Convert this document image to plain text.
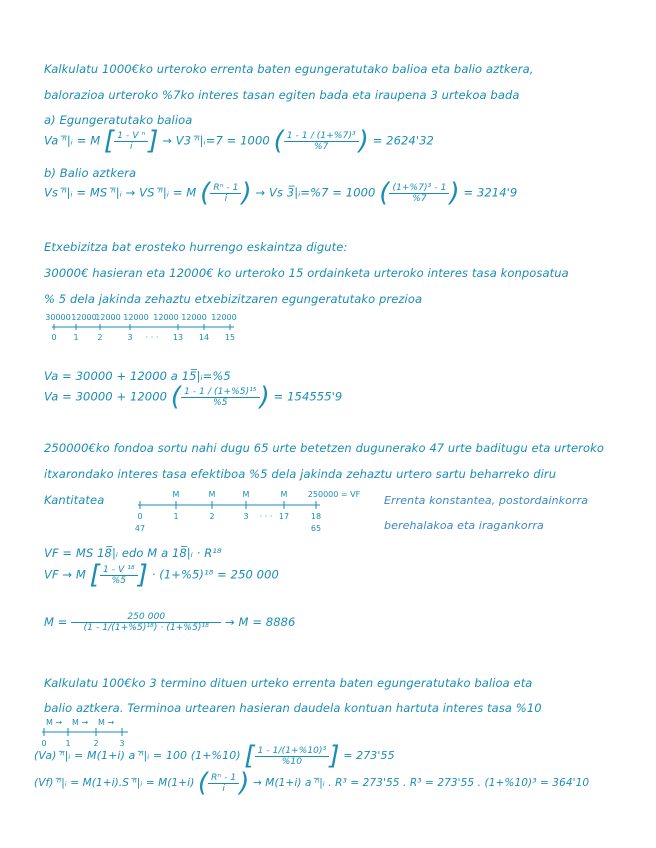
Kalkulatu 1000€ko urteroko errenta baten egungeratutako balioa eta balio aztkera,
balorazioa urteroko %7ko interes tasan egiten bada eta iraupena 3 urtekoa bada
a) Egungeratutako balioa
Va ⁿ̅|ᵢ = M [ $\frac{\text{1 - V ⁿ}}{i}$ ] → V3 ⁿ̅|ᵢ=7 = 1000 ( $\frac{\text{1 - 1 / (1+\%7)³}}{\%7}$ ) = 2624'32
b) Balio aztkera
Vs ⁿ̅|ᵢ = MS ⁿ̅|ᵢ → VS ⁿ̅|ᵢ = M ( $\frac{\text{Rⁿ - 1}}{i}$ ) → Vs 3̅|ᵢ=%7 = 1000 ( $\frac{\text{(1+\%7)³ - 1}}{\%7}$ ) = 3214'9
Etxebizitza bat erosteko hurrengo eskaintza digute:
30000€ hasieran eta 12000€ ko urteroko 15 ordainketa urteroko interes tasa konposatua
% 5 dela jakinda zehaztu etxebizitzaren egungeratutako prezioa
30000 12000
12000 12000 12000 12000 12000
0 1 2	3 · · · 13 14 15
Va = 30000 + 12000 a 15̅|ᵢ=%5
Va = 30000 + 12000 ( $\frac{\text{1 - 1 / (1+\%5)¹⁵}}{\%5}$ ) = 154555'9
250000€ko fondoa sortu nahi dugu 65 urte betetzen dugunerako 47 urte baditugu eta urteroko
itxarondako interes tasa efektiboa %5 dela jakinda zehaztu urtero sartu beharreko diru
Kantitatea	M	M	M	M	250000 = VF
0	1	2	3 · · · 17	18
47	65
Errenta konstantea, postordainkorra
berehalakoa eta iragankorra
VF = MS 18̅|ᵢ edo M a 18̅|ᵢ · R¹⁸
VF → M [ $\frac{\text{1 - V ¹⁸}}{\%5}$ ] · (1+%5)¹⁸ = 250 000
$M = \frac{250 000}{\text{(1 - 1/(1+\%5)¹⁸) · (1+\%5)¹⁸}} \to M = 8886$
Kalkulatu 100€ko 3 termino dituen urteko errenta baten egungeratutako balioa eta
balio aztkera. Terminoa urtearen hasieran daudela kontuan hartuta interes tasa %10
M → M → M →
0 1	2	3
(Va) ⁿ̅|ᵢ = M(1+i) a ⁿ̅|ᵢ = 100 (1+%10) [ $\frac{\text{1 - 1/(1+\%10)³}}{\%10}$ ] = 273'55
(Vf) ⁿ̅|ᵢ = M(1+i).S ⁿ̅|ᵢ = M(1+i) ( $\frac{\text{Rⁿ - 1}}{i}$ ) → M(1+i) a ⁿ̅|ᵢ . R³ = 273'55 . R³ = 273'55 . (1+%10)³ = 364'10
